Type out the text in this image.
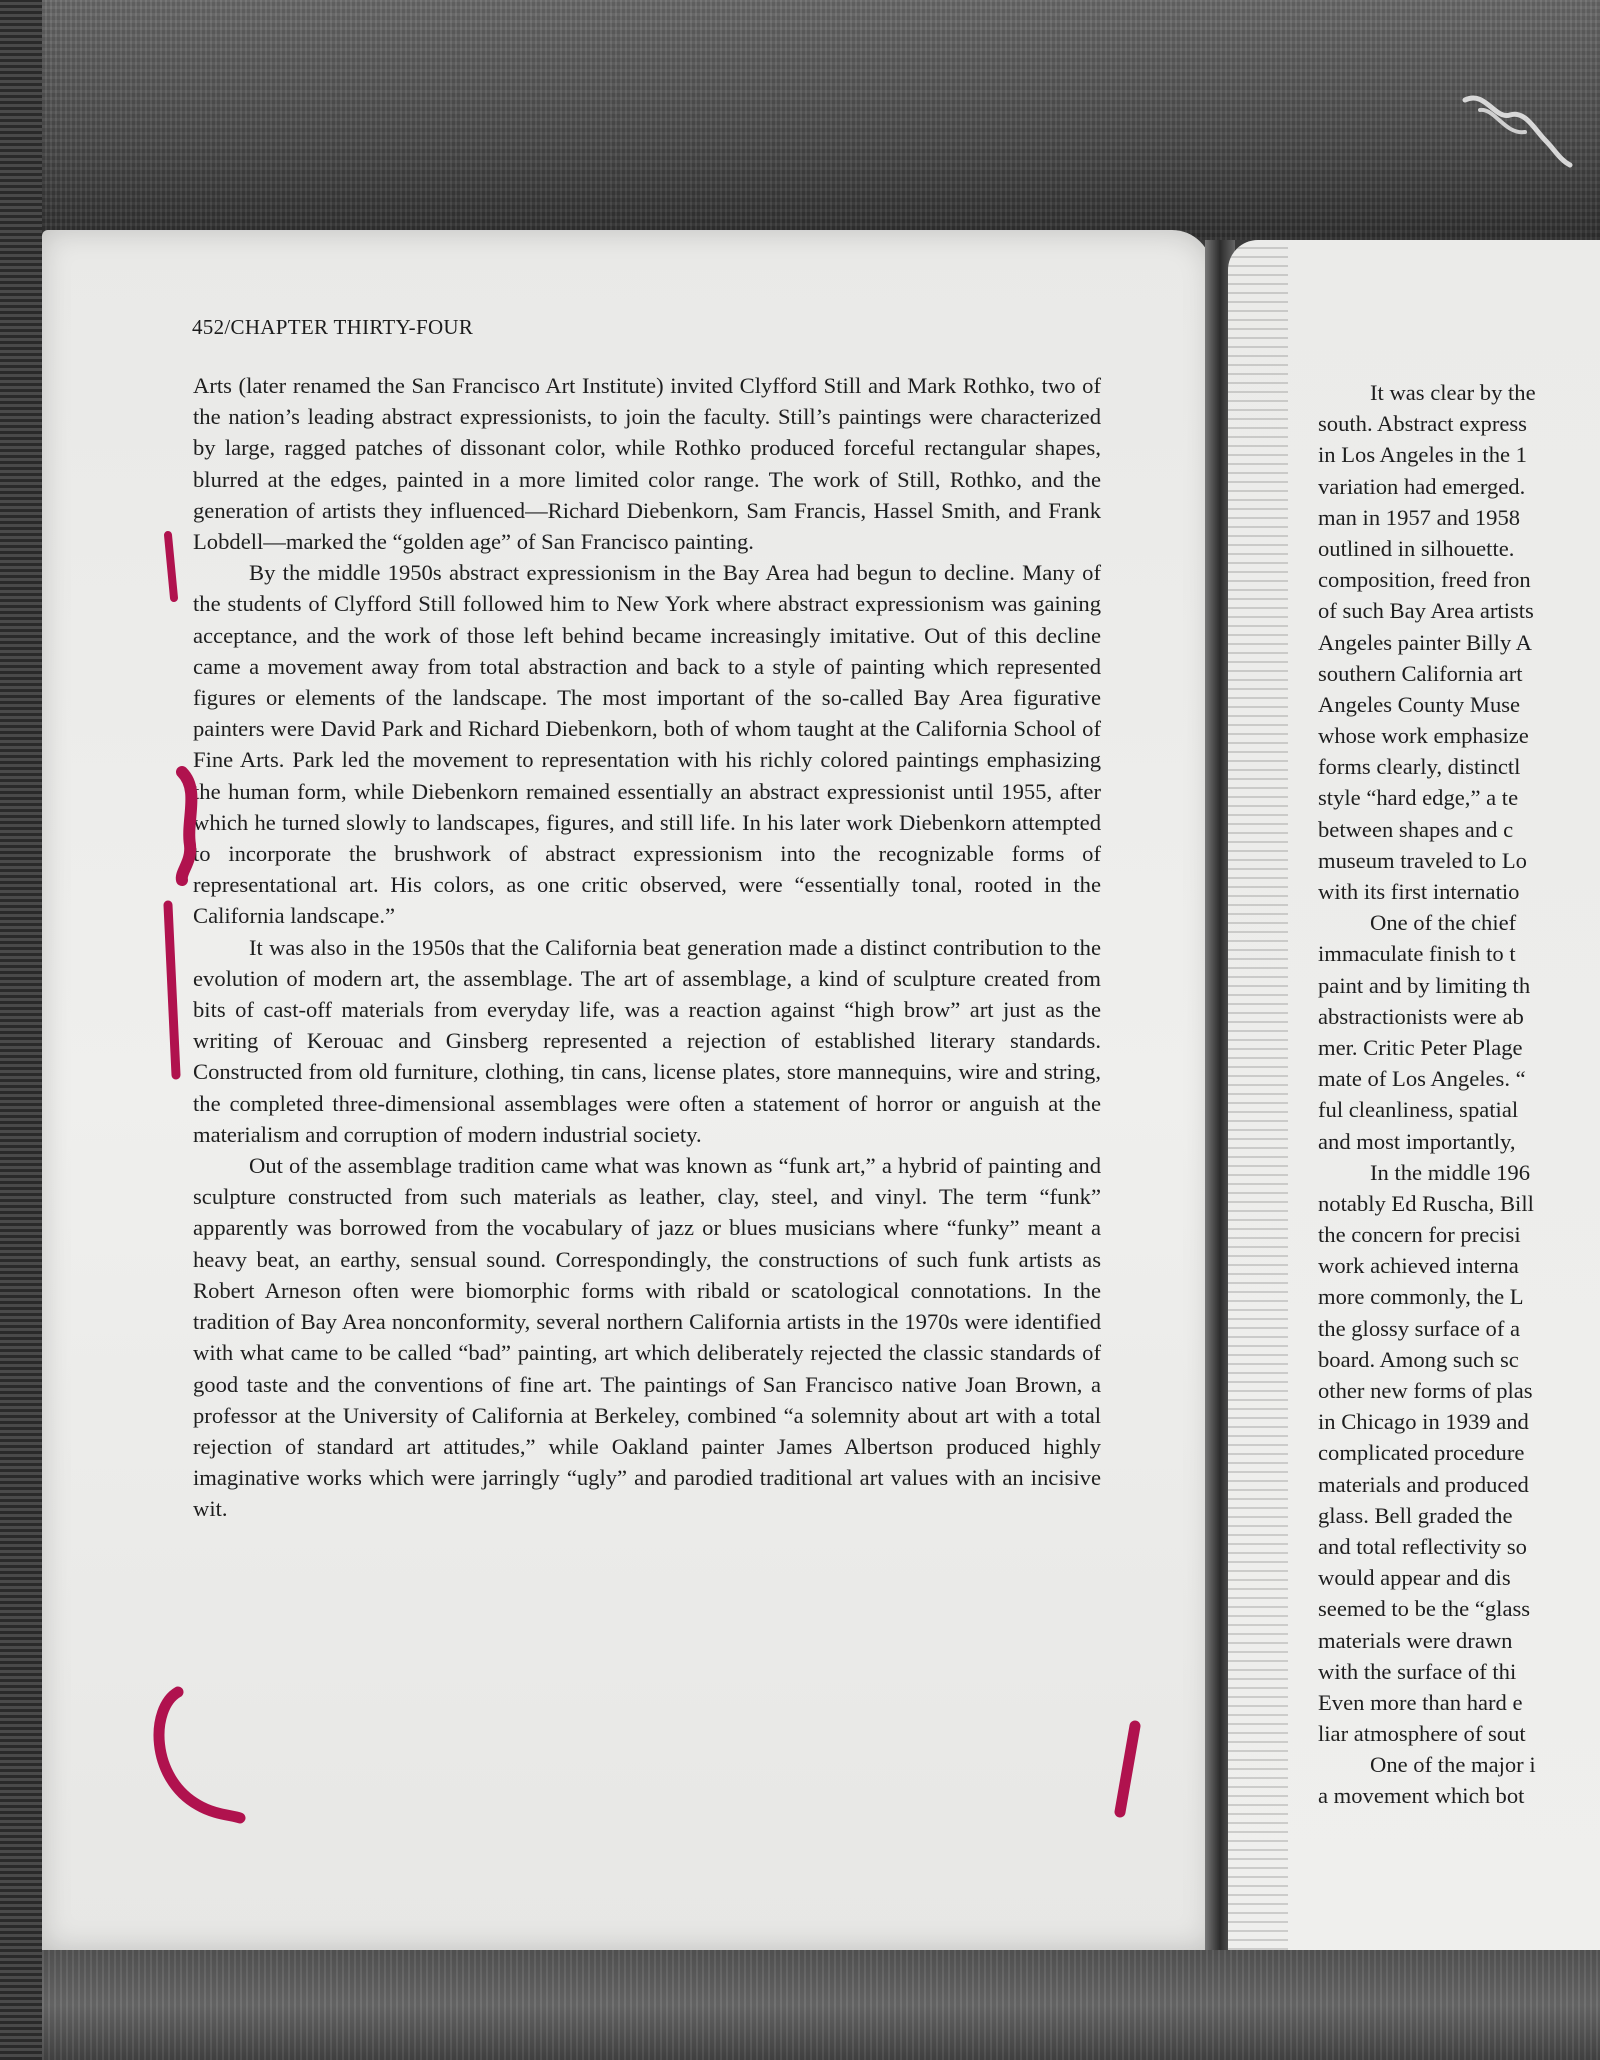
452/CHAPTER THIRTY-FOUR

Arts (later renamed the San Francisco Art Institute) invited Clyfford Still and Mark Rothko, two of the nation’s leading abstract expressionists, to join the faculty. Still’s paintings were characterized by large, ragged patches of dissonant color, while Rothko produced forceful rectangular shapes, blurred at the edges, painted in a more limited color range. The work of Still, Rothko, and the generation of artists they influenced—Richard Diebenkorn, Sam Francis, Hassel Smith, and Frank Lobdell—marked the “golden age” of San Francisco painting.

By the middle 1950s abstract expressionism in the Bay Area had begun to decline. Many of the students of Clyfford Still followed him to New York where abstract expressionism was gaining acceptance, and the work of those left behind became increasingly imitative. Out of this decline came a movement away from total abstraction and back to a style of painting which represented figures or elements of the landscape. The most important of the so-called Bay Area figurative painters were David Park and Richard Diebenkorn, both of whom taught at the California School of Fine Arts. Park led the movement to representation with his richly colored paintings emphasizing the human form, while Diebenkorn remained essentially an abstract expressionist until 1955, after which he turned slowly to landscapes, figures, and still life. In his later work Diebenkorn attempted to incorporate the brushwork of abstract expressionism into the recognizable forms of representational art. His colors, as one critic observed, were “essentially tonal, rooted in the California landscape.”

It was also in the 1950s that the California beat generation made a distinct contribution to the evolution of modern art, the assemblage. The art of assemblage, a kind of sculpture created from bits of cast-off materials from everyday life, was a reaction against “high brow” art just as the writing of Kerouac and Ginsberg represented a rejection of established literary standards. Constructed from old furniture, clothing, tin cans, license plates, store mannequins, wire and string, the completed three-dimensional assemblages were often a statement of horror or anguish at the materialism and corruption of modern industrial society.

Out of the assemblage tradition came what was known as “funk art,” a hybrid of painting and sculpture constructed from such materials as leather, clay, steel, and vinyl. The term “funk” apparently was borrowed from the vocabulary of jazz or blues musicians where “funky” meant a heavy beat, an earthy, sensual sound. Correspondingly, the constructions of such funk artists as Robert Arneson often were biomorphic forms with ribald or scatological connotations. In the tradition of Bay Area nonconformity, several northern California artists in the 1970s were identified with what came to be called “bad” painting, art which deliberately rejected the classic standards of good taste and the conventions of fine art. The paintings of San Francisco native Joan Brown, a professor at the University of California at Berkeley, combined “a solemnity about art with a total rejection of standard art attitudes,” while Oakland painter James Albertson produced highly imaginative works which were jarringly “ugly” and parodied traditional art values with an incisive wit.

It was clear by the
south. Abstract express
in Los Angeles in the 1
variation had emerged.
man in 1957 and 1958
outlined in silhouette.
composition, freed fron
of such Bay Area artists
Angeles painter Billy A
southern California art
Angeles County Muse
whose work emphasize
forms clearly, distinctl
style “hard edge,” a te
between shapes and c
museum traveled to Lo
with its first internatio
One of the chief
immaculate finish to t
paint and by limiting th
abstractionists were ab
mer. Critic Peter Plage
mate of Los Angeles. “
ful cleanliness, spatial
and most importantly,
In the middle 196
notably Ed Ruscha, Bill
the concern for precisi
work achieved interna
more commonly, the L
the glossy surface of a
board. Among such sc
other new forms of plas
in Chicago in 1939 and
complicated procedure
materials and produced
glass. Bell graded the
and total reflectivity so
would appear and dis
seemed to be the “glass
materials were drawn
with the surface of thi
Even more than hard e
liar atmosphere of sout
One of the major i
a movement which bot
